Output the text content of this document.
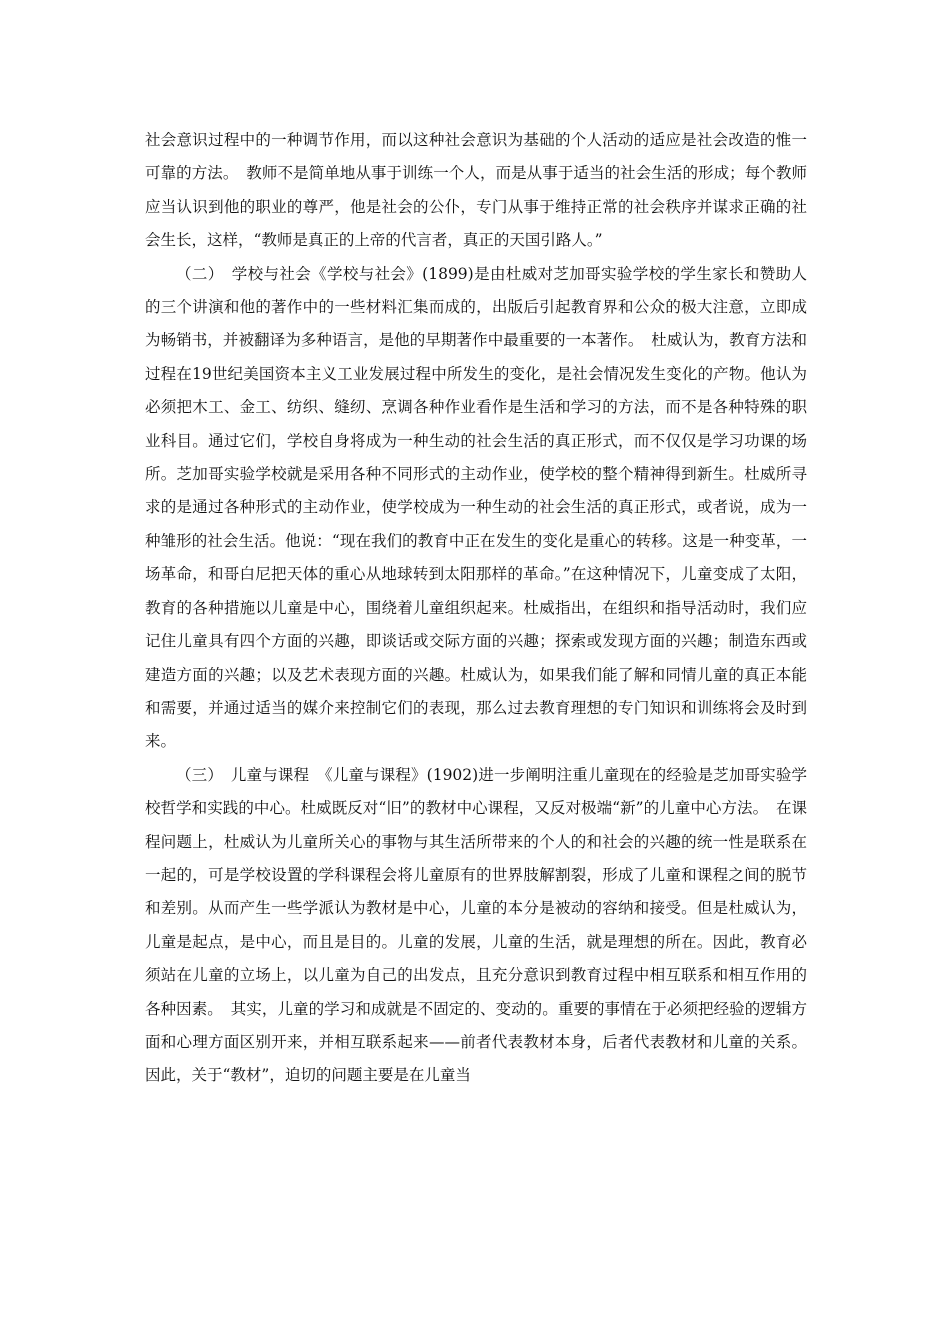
社会意识过程中的一种调节作用，而以这种社会意识为基础的个人活动的适应是社会改造的惟一可靠的方法。　教师不是简单地从事于训练一个人，而是从事于适当的社会生活的形成；每个教师应当认识到他的职业的尊严，他是社会的公仆，专门从事于维持正常的社会秩序并谋求正确的社会生长，这样，“教师是真正的上帝的代言者，真正的天国引路人。”

（二）　学校与社会《学校与社会》(1899)是由杜威对芝加哥实验学校的学生家长和赞助人的三个讲演和他的著作中的一些材料汇集而成的，出版后引起教育界和公众的极大注意，立即成为畅销书，并被翻译为多种语言，是他的早期著作中最重要的一本著作。　杜威认为，教育方法和过程在19世纪美国资本主义工业发展过程中所发生的变化，是社会情况发生变化的产物。他认为必须把木工、金工、纺织、缝纫、烹调各种作业看作是生活和学习的方法，而不是各种特殊的职业科目。通过它们，学校自身将成为一种生动的社会生活的真正形式，而不仅仅是学习功课的场所。芝加哥实验学校就是采用各种不同形式的主动作业，使学校的整个精神得到新生。杜威所寻求的是通过各种形式的主动作业，使学校成为一种生动的社会生活的真正形式，或者说，成为一种雏形的社会生活。他说：“现在我们的教育中正在发生的变化是重心的转移。这是一种变革，一场革命，和哥白尼把天体的重心从地球转到太阳那样的革命。”在这种情况下，儿童变成了太阳，教育的各种措施以儿童是中心，围绕着儿童组织起来。杜威指出，在组织和指导活动时，我们应记住儿童具有四个方面的兴趣，即谈话或交际方面的兴趣；探索或发现方面的兴趣；制造东西或建造方面的兴趣；以及艺术表现方面的兴趣。杜威认为，如果我们能了解和同情儿童的真正本能和需要，并通过适当的媒介来控制它们的表现，那么过去教育理想的专门知识和训练将会及时到来。

（三）　儿童与课程　《儿童与课程》(1902)进一步阐明注重儿童现在的经验是芝加哥实验学校哲学和实践的中心。杜威既反对“旧”的教材中心课程，又反对极端“新”的儿童中心方法。　在课程问题上，杜威认为儿童所关心的事物与其生活所带来的个人的和社会的兴趣的统一性是联系在一起的，可是学校设置的学科课程会将儿童原有的世界肢解割裂，形成了儿童和课程之间的脱节和差别。从而产生一些学派认为教材是中心，儿童的本分是被动的容纳和接受。但是杜威认为，儿童是起点，是中心，而且是目的。儿童的发展，儿童的生活，就是理想的所在。因此，教育必须站在儿童的立场上，以儿童为自己的出发点，且充分意识到教育过程中相互联系和相互作用的各种因素。　其实，儿童的学习和成就是不固定的、变动的。重要的事情在于必须把经验的逻辑方面和心理方面区别开来，并相互联系起来——前者代表教材本身，后者代表教材和儿童的关系。因此，关于“教材”，迫切的问题主要是在儿童当
